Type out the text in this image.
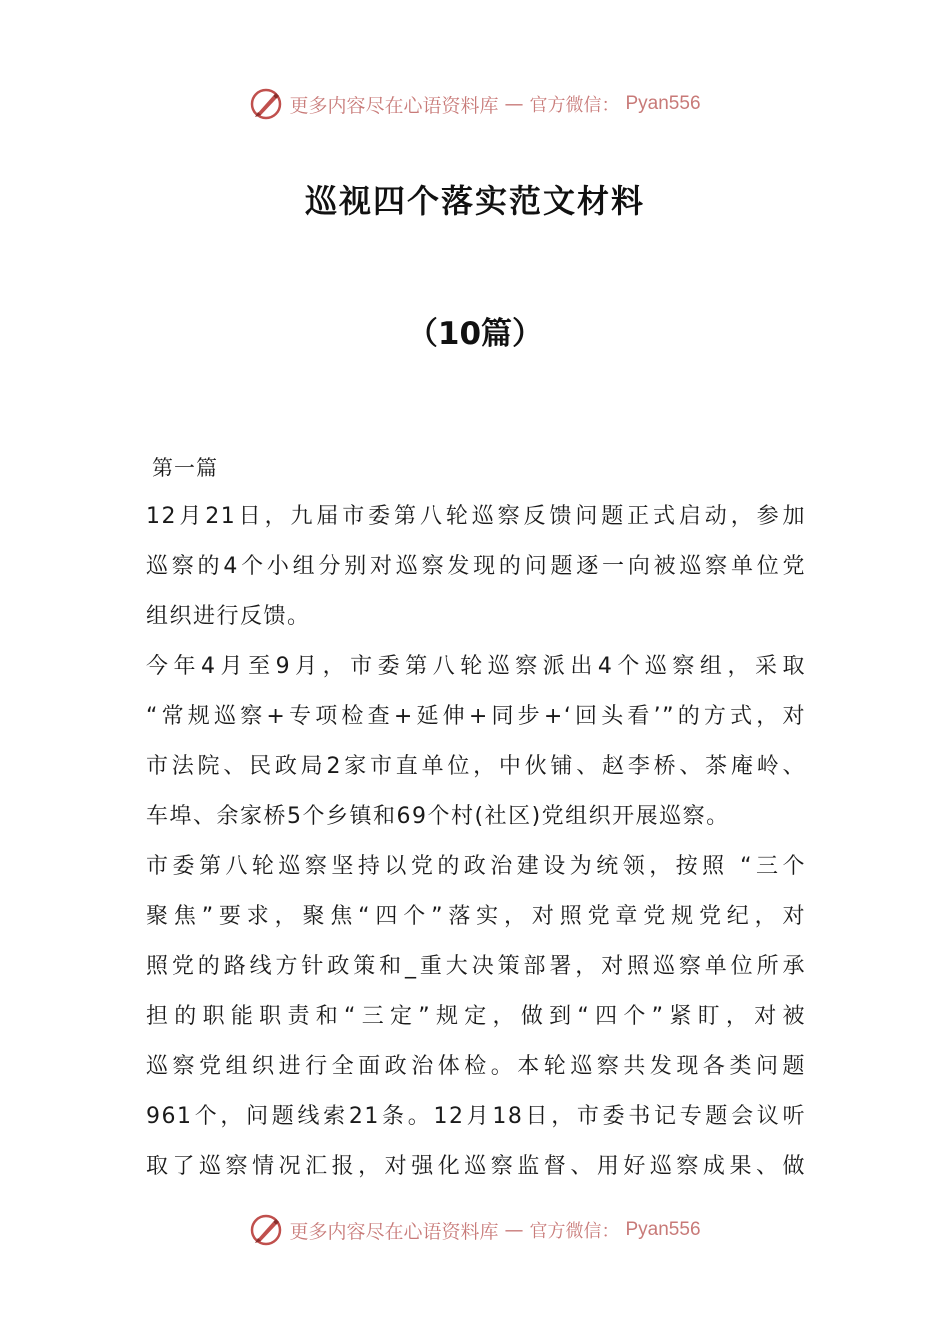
更多内容尽在心语资料库 — 官方微信： Pyan556
巡视四个落实范文材料
（10篇）
第一篇
12月21日，九届市委第八轮巡察反馈问题正式启动，参加
巡察的4个小组分别对巡察发现的问题逐一向被巡察单位党
组织进行反馈。
今年4月至9月，市委第八轮巡察派出4个巡察组，采取
“常规巡察+专项检查+延伸+同步+‘回头看’”的方式，对
市法院、民政局2家市直单位，中伙铺、赵李桥、茶庵岭、
车埠、余家桥5个乡镇和69个村(社区)党组织开展巡察。
市委第八轮巡察坚持以党的政治建设为统领，按照 “三个
聚焦”要求，聚焦“四个”落实，对照党章党规党纪，对
照党的路线方针政策和_重大决策部署，对照巡察单位所承
担的职能职责和“三定”规定，做到“四个”紧盯，对被
巡察党组织进行全面政治体检。本轮巡察共发现各类问题
961个，问题线索21条。12月18日，市委书记专题会议听
取了巡察情况汇报，对强化巡察监督、用好巡察成果、做
更多内容尽在心语资料库 — 官方微信： Pyan556
